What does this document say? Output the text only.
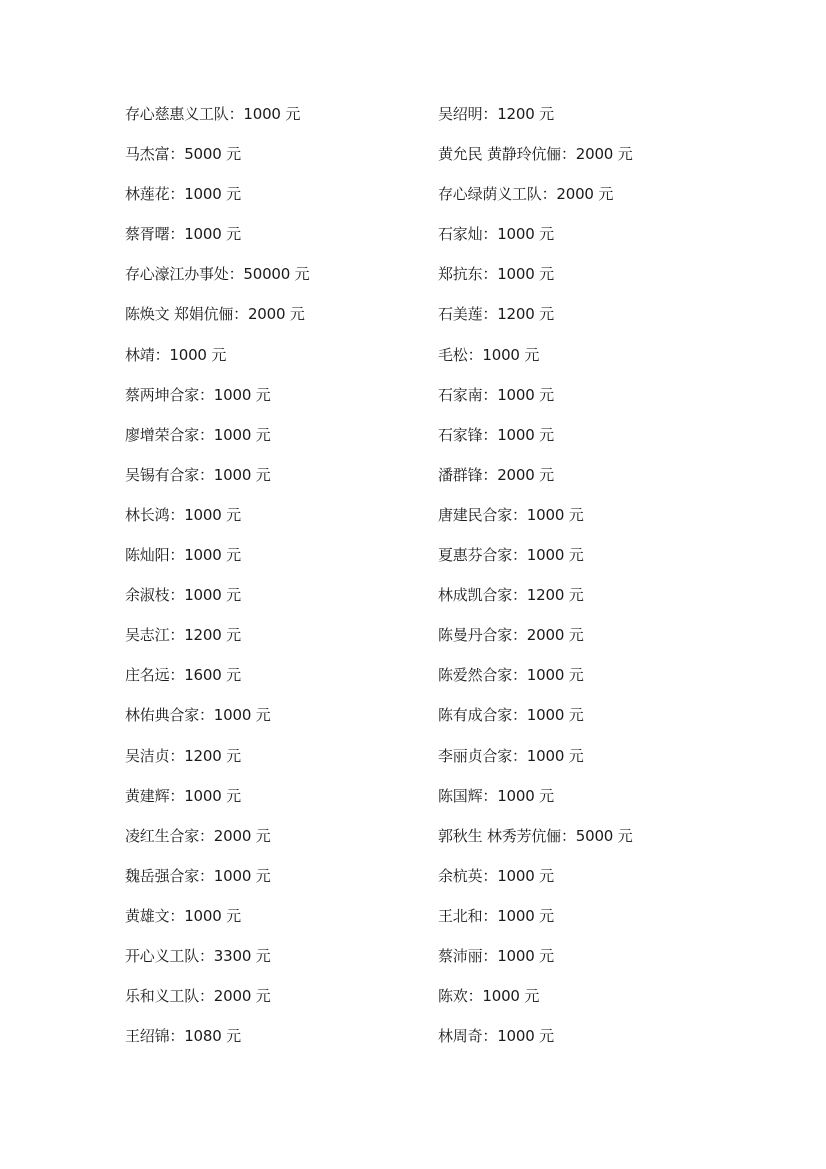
存心慈惠义工队：1000 元
马杰富：5000 元
林莲花：1000 元
蔡胥曙：1000 元
存心濠江办事处：50000 元
陈焕文 郑娟伉俪：2000 元
林靖：1000 元
蔡两坤合家：1000 元
廖增荣合家：1000 元
吴锡有合家：1000 元
林长鸿：1000 元
陈灿阳：1000 元
余淑枝：1000 元
吴志江：1200 元
庄名远：1600 元
林佑典合家：1000 元
吴洁贞：1200 元
黄建辉：1000 元
凌红生合家：2000 元
魏岳强合家：1000 元
黄雄文：1000 元
开心义工队：3300 元
乐和义工队：2000 元
王绍锦：1080 元
吴绍明：1200 元
黄允民 黄静玲伉俪：2000 元
存心绿荫义工队：2000 元
石家灿：1000 元
郑抗东：1000 元
石美莲：1200 元
毛松：1000 元
石家南：1000 元
石家锋：1000 元
潘群锋：2000 元
唐建民合家：1000 元
夏惠芬合家：1000 元
林成凯合家：1200 元
陈曼丹合家：2000 元
陈爱然合家：1000 元
陈有成合家：1000 元
李丽贞合家：1000 元
陈国辉：1000 元
郭秋生 林秀芳伉俪：5000 元
余杭英：1000 元
王北和：1000 元
蔡沛丽：1000 元
陈欢：1000 元
林周奇：1000 元
